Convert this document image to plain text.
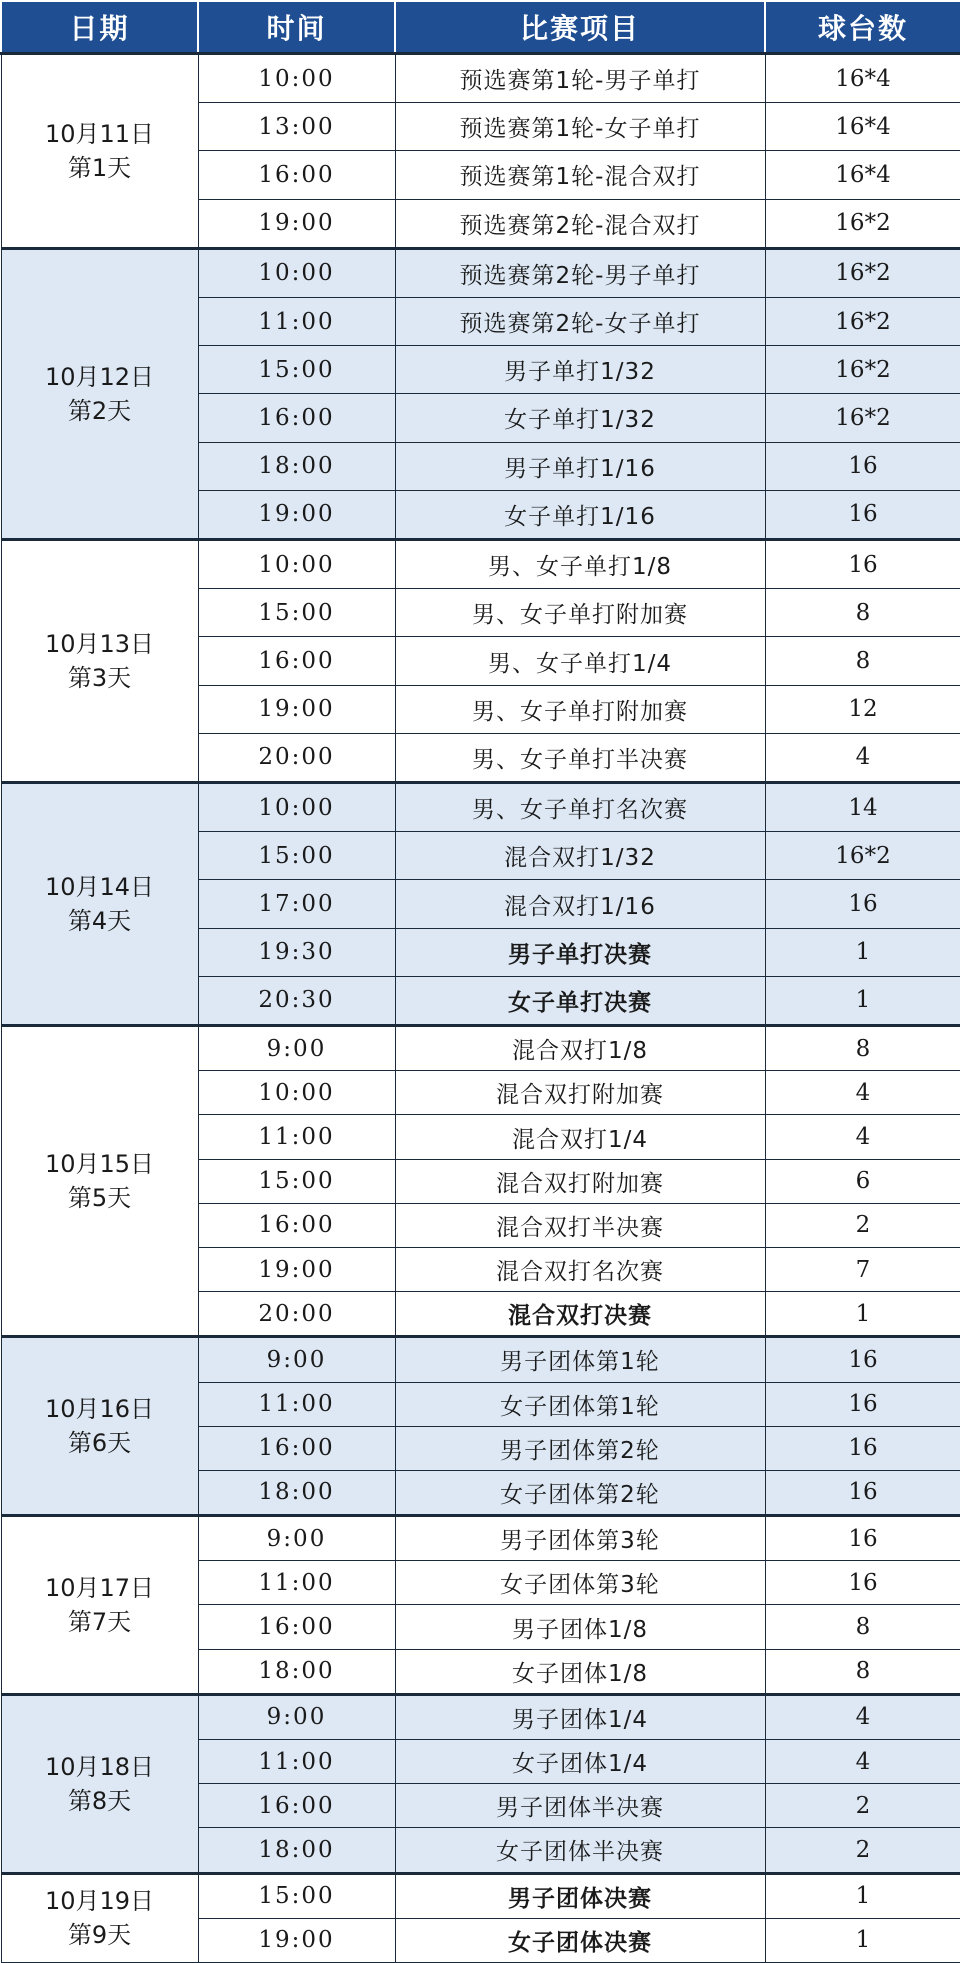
日期	时间	比赛项目	球台数

10月11日
第1天	10:00	预选赛第1轮-男子单打	16*4
	13:00	预选赛第1轮-女子单打	16*4
	16:00	预选赛第1轮-混合双打	16*4
	19:00	预选赛第2轮-混合双打	16*2

10月12日
第2天	10:00	预选赛第2轮-男子单打	16*2
	11:00	预选赛第2轮-女子单打	16*2
	15:00	男子单打1/32	16*2
	16:00	女子单打1/32	16*2
	18:00	男子单打1/16	16
	19:00	女子单打1/16	16

10月13日
第3天	10:00	男、女子单打1/8	16
	15:00	男、女子单打附加赛	8
	16:00	男、女子单打1/4	8
	19:00	男、女子单打附加赛	12
	20:00	男、女子单打半决赛	4

10月14日
第4天	10:00	男、女子单打名次赛	14
	15:00	混合双打1/32	16*2
	17:00	混合双打1/16	16
	19:30	男子单打决赛	1
	20:30	女子单打决赛	1

10月15日
第5天	9:00	混合双打1/8	8
	10:00	混合双打附加赛	4
	11:00	混合双打1/4	4
	15:00	混合双打附加赛	6
	16:00	混合双打半决赛	2
	19:00	混合双打名次赛	7
	20:00	混合双打决赛	1

10月16日
第6天	9:00	男子团体第1轮	16
	11:00	女子团体第1轮	16
	16:00	男子团体第2轮	16
	18:00	女子团体第2轮	16

10月17日
第7天	9:00	男子团体第3轮	16
	11:00	女子团体第3轮	16
	16:00	男子团体1/8	8
	18:00	女子团体1/8	8

10月18日
第8天	9:00	男子团体1/4	4
	11:00	女子团体1/4	4
	16:00	男子团体半决赛	2
	18:00	女子团体半决赛	2

10月19日
第9天	15:00	男子团体决赛	1
	19:00	女子团体决赛	1
